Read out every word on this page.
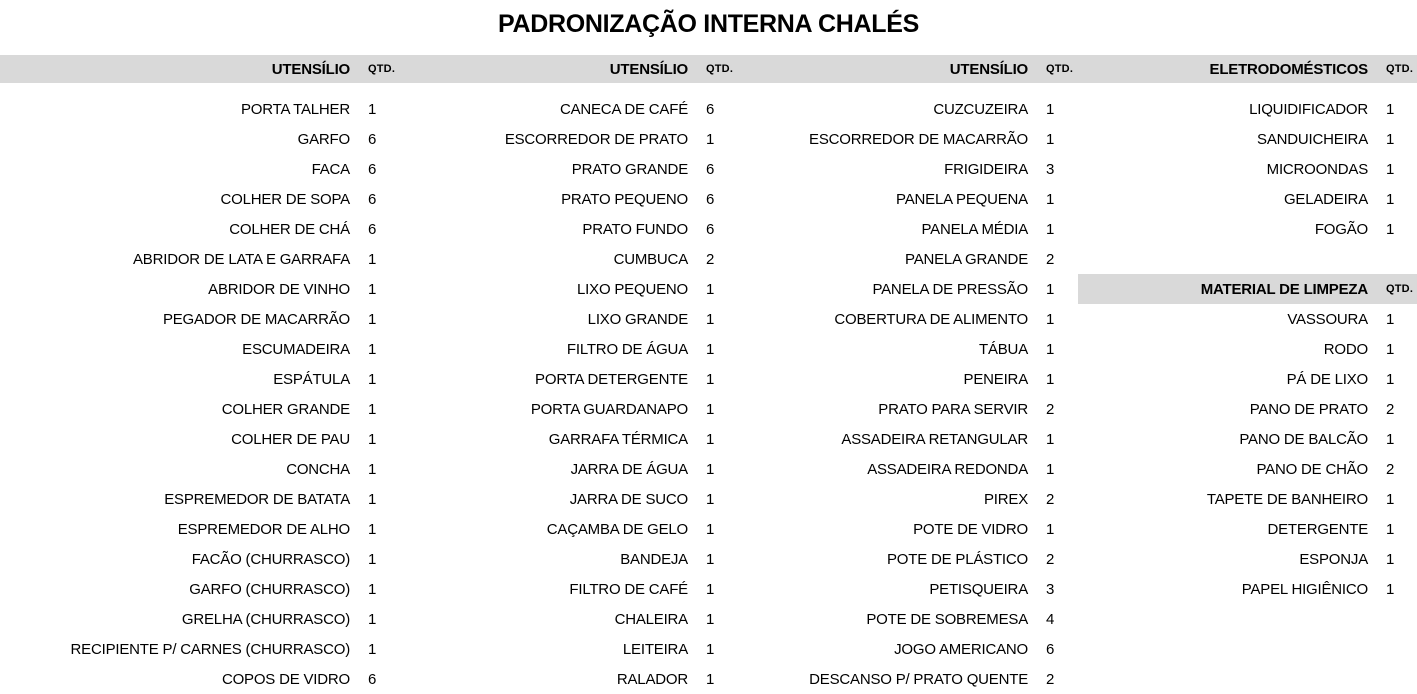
PADRONIZAÇÃO INTERNA CHALÉS
UTENSÍLIO QTD.
PORTA TALHER 1
GARFO 6
FACA 6
COLHER DE SOPA 6
COLHER DE CHÁ 6
ABRIDOR DE LATA E GARRAFA 1
ABRIDOR DE VINHO 1
PEGADOR DE MACARRÃO 1
ESCUMADEIRA 1
ESPÁTULA 1
COLHER GRANDE 1
COLHER DE PAU 1
CONCHA 1
ESPREMEDOR DE BATATA 1
ESPREMEDOR DE ALHO 1
FACÃO (CHURRASCO) 1
GARFO (CHURRASCO) 1
GRELHA (CHURRASCO) 1
RECIPIENTE P/ CARNES (CHURRASCO) 1
COPOS DE VIDRO 6
UTENSÍLIO QTD.
CANECA DE CAFÉ 6
ESCORREDOR DE PRATO 1
PRATO GRANDE 6
PRATO PEQUENO 6
PRATO FUNDO 6
CUMBUCA 2
LIXO PEQUENO 1
LIXO GRANDE 1
FILTRO DE ÁGUA 1
PORTA DETERGENTE 1
PORTA GUARDANAPO 1
GARRAFA TÉRMICA 1
JARRA DE ÁGUA 1
JARRA DE SUCO 1
CAÇAMBA DE GELO 1
BANDEJA 1
FILTRO DE CAFÉ 1
CHALEIRA 1
LEITEIRA 1
RALADOR 1
UTENSÍLIO QTD.
CUZCUZEIRA 1
ESCORREDOR DE MACARRÃO 1
FRIGIDEIRA 3
PANELA PEQUENA 1
PANELA MÉDIA 1
PANELA GRANDE 2
PANELA DE PRESSÃO 1
COBERTURA DE ALIMENTO 1
TÁBUA 1
PENEIRA 1
PRATO PARA SERVIR 2
ASSADEIRA RETANGULAR 1
ASSADEIRA REDONDA 1
PIREX 2
POTE DE VIDRO 1
POTE DE PLÁSTICO 2
PETISQUEIRA 3
POTE DE SOBREMESA 4
JOGO AMERICANO 6
DESCANSO P/ PRATO QUENTE 2
ELETRODOMÉSTICOS QTD.
LIQUIDIFICADOR 1
SANDUICHEIRA 1
MICROONDAS 1
GELADEIRA 1
FOGÃO 1
MATERIAL DE LIMPEZA QTD.
VASSOURA 1
RODO 1
PÁ DE LIXO 1
PANO DE PRATO 2
PANO DE BALCÃO 1
PANO DE CHÃO 2
TAPETE DE BANHEIRO 1
DETERGENTE 1
ESPONJA 1
PAPEL HIGIÊNICO 1
